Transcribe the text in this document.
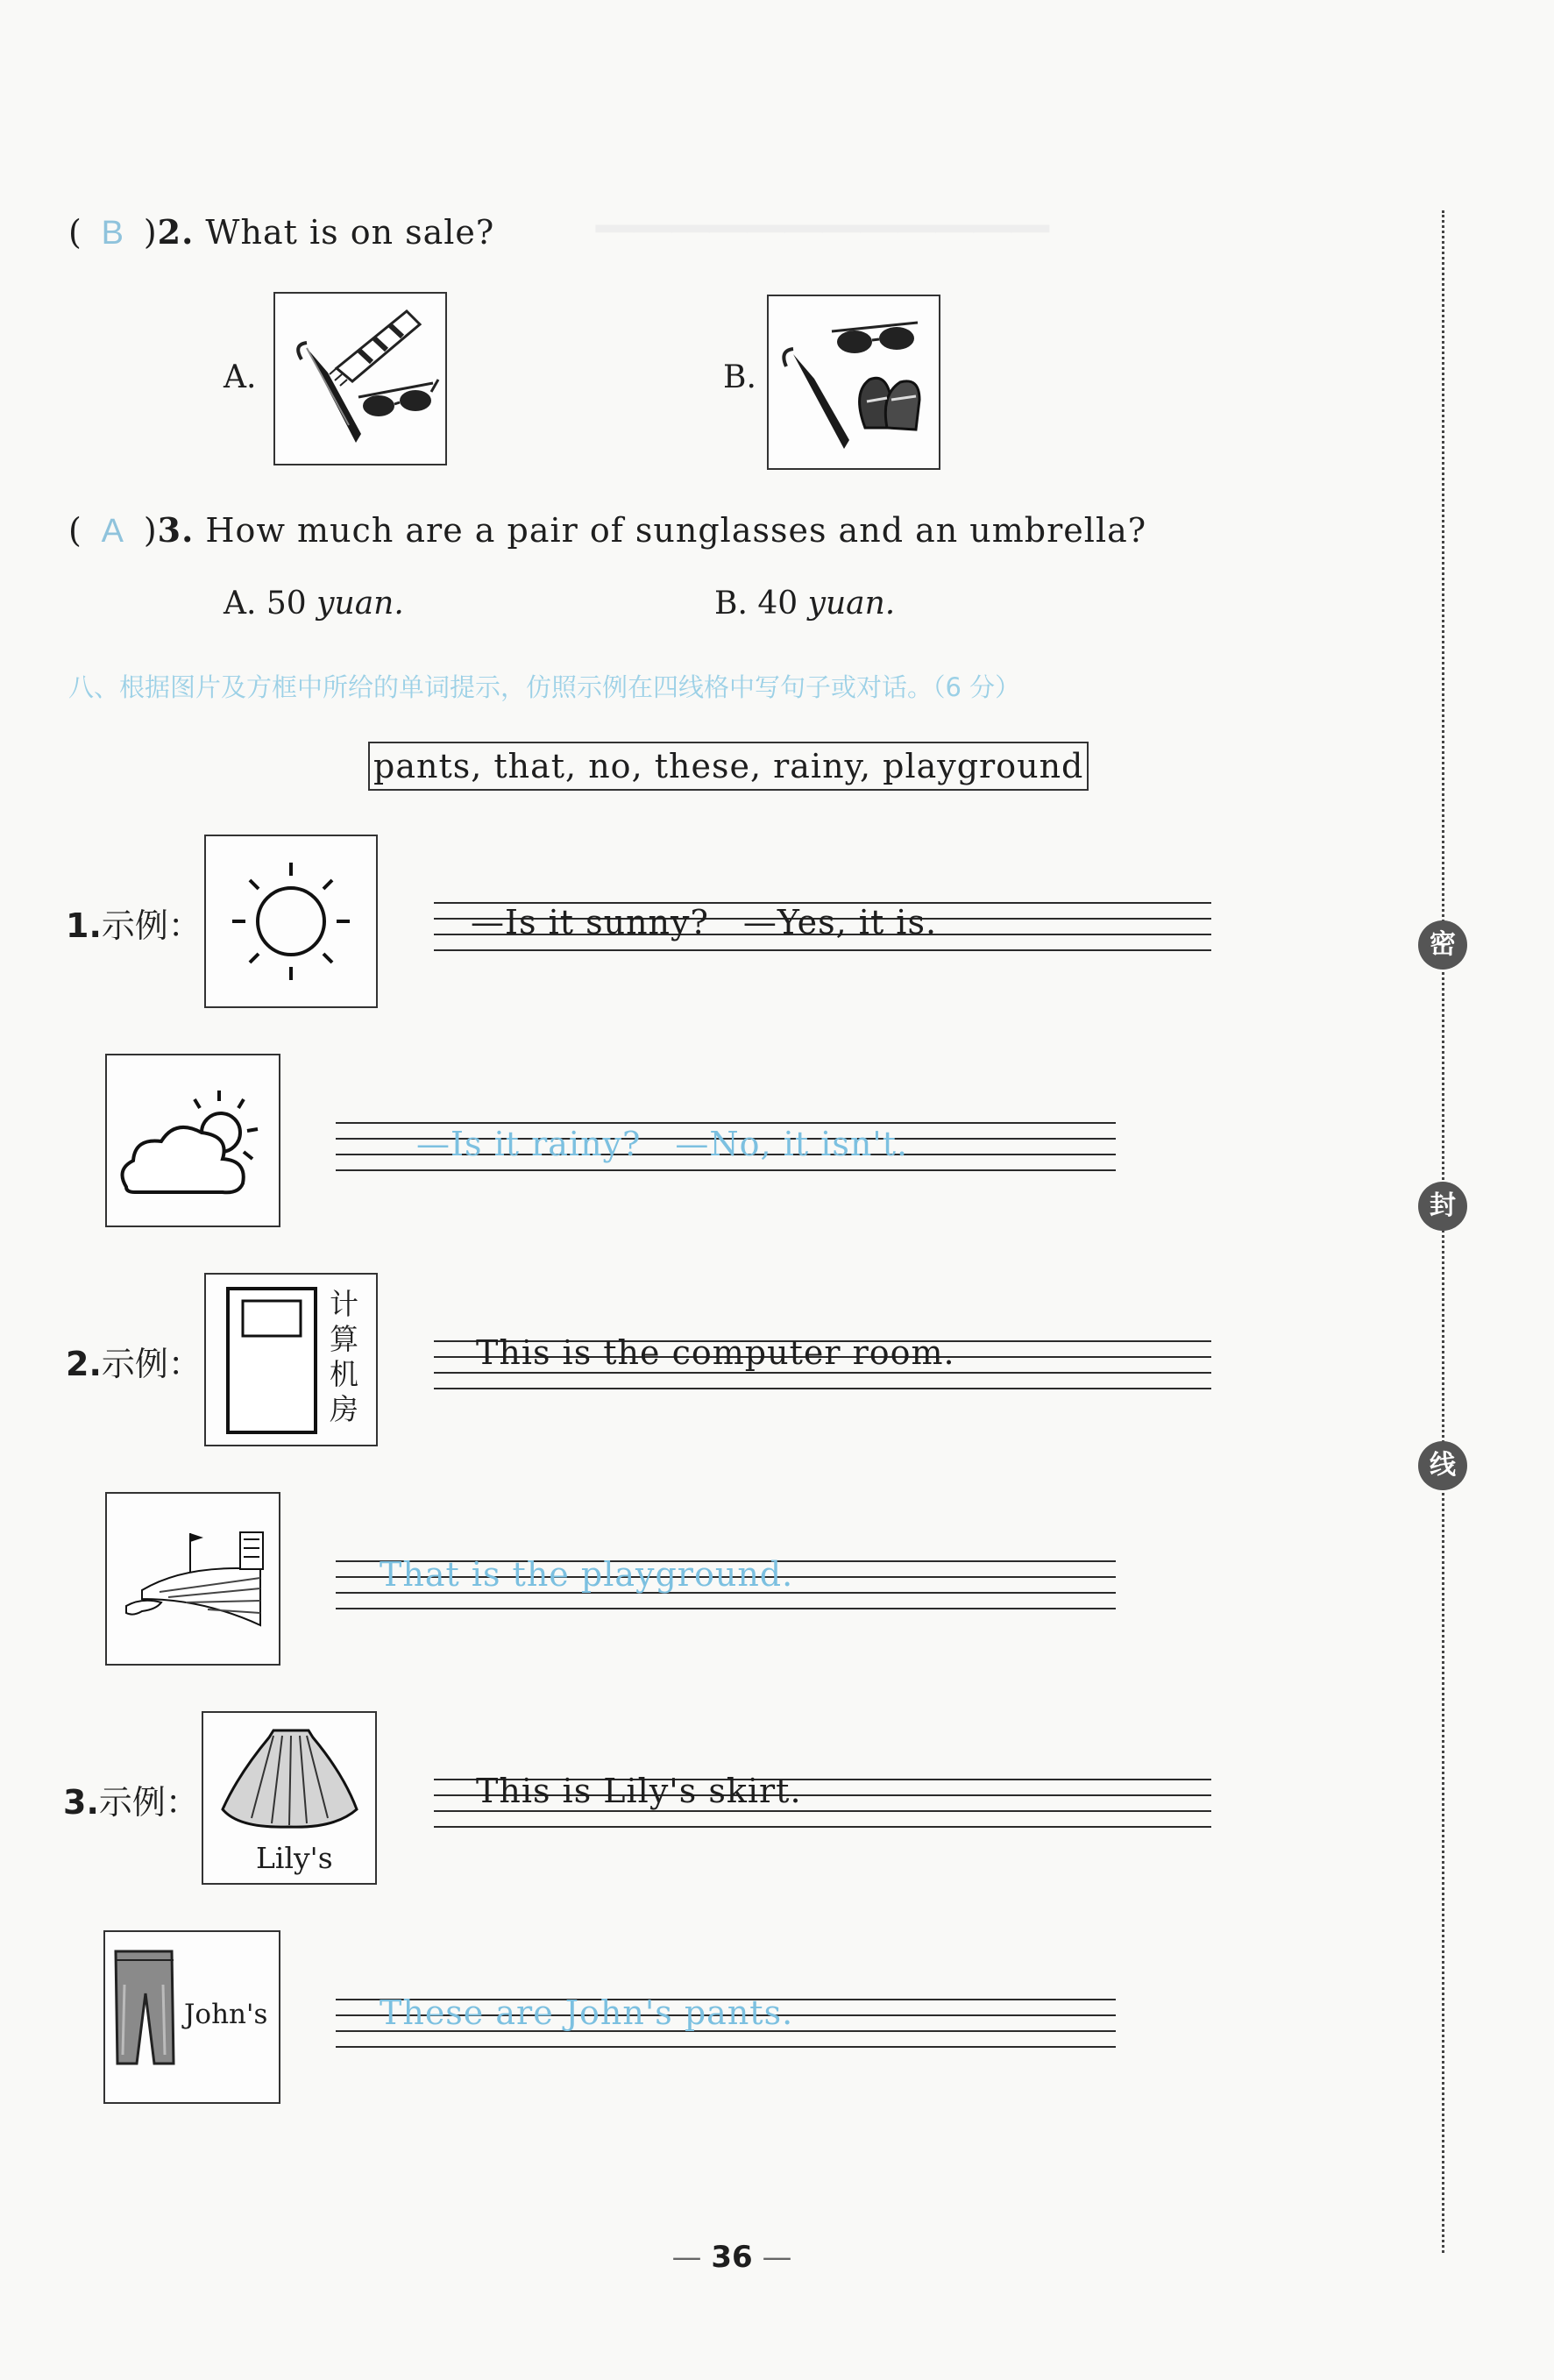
▔▔▔▔▔▔▔▔▔▔▔▔
( B )2. What is on sale?
A.	B.
( A )3. How much are a pair of sunglasses and an umbrella?
A. 50 yuan.	B. 40 yuan.
八、根据图片及方框中所给的单词提示，仿照示例在四线格中写句子或对话。（6 分）
pants, that, no, these, rainy, playground
1.示例：	—Is it sunny?　—Yes, it is.
—Is it rainy?　—No, it isn't.
2.示例：
计
算
机
房
This is the computer room.
That is the playground.
3.示例：
Lily's
This is Lily's skirt.
John's	These are John's pants.
密
封
线
— 36 —
